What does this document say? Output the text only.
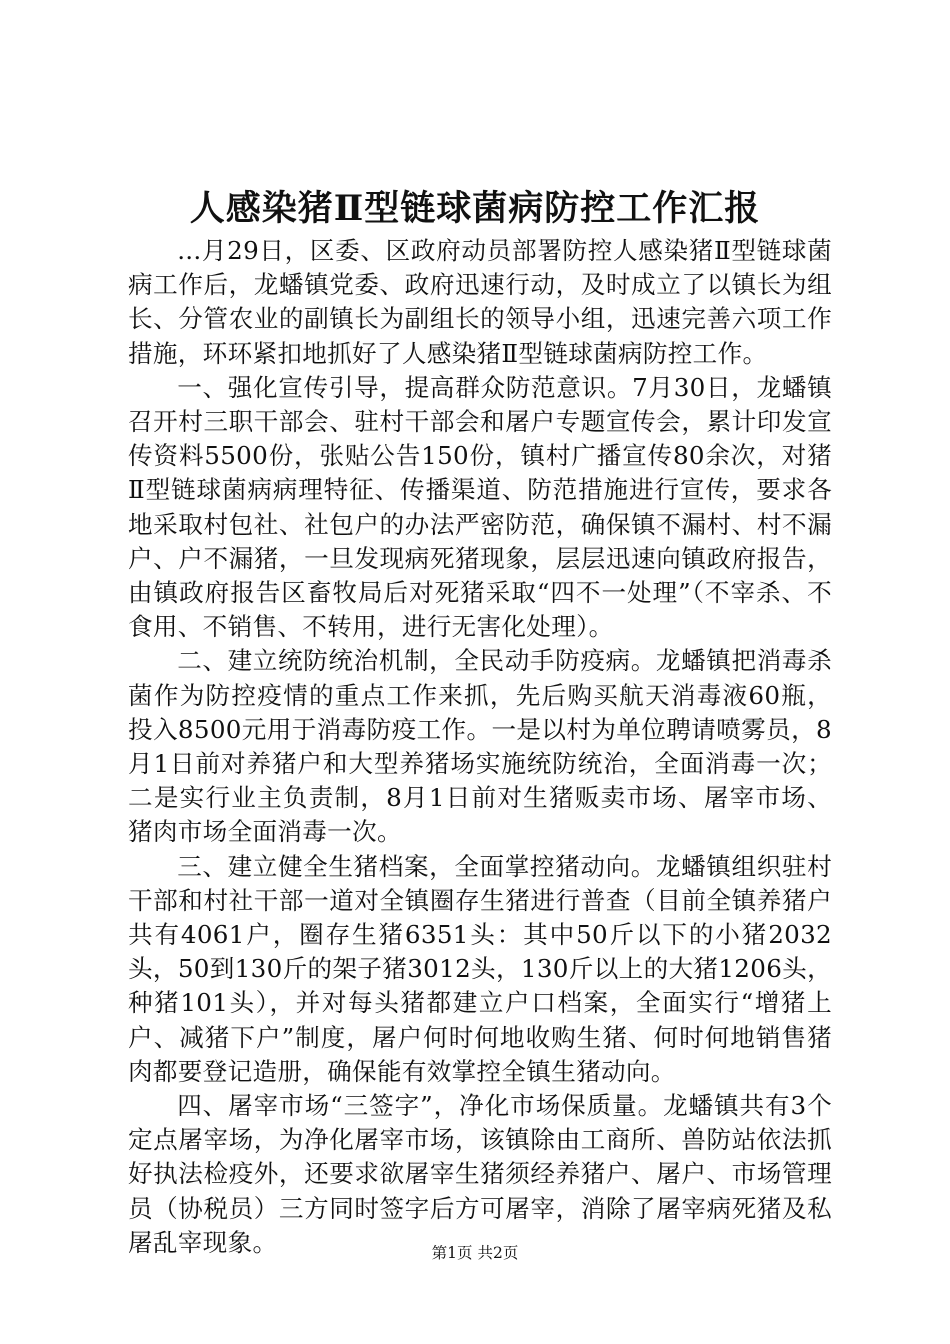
人感染猪Ⅱ型链球菌病防控工作汇报

...月29日，区委、区政府动员部署防控人感染猪Ⅱ型链球菌病工作后，龙蟠镇党委、政府迅速行动，及时成立了以镇长为组长、分管农业的副镇长为副组长的领导小组，迅速完善六项工作措施，环环紧扣地抓好了人感染猪Ⅱ型链球菌病防控工作。

一、强化宣传引导，提高群众防范意识。7月30日，龙蟠镇召开村三职干部会、驻村干部会和屠户专题宣传会，累计印发宣传资料5500份，张贴公告150份，镇村广播宣传80余次，对猪Ⅱ型链球菌病病理特征、传播渠道、防范措施进行宣传，要求各地采取村包社、社包户的办法严密防范，确保镇不漏村、村不漏户、户不漏猪，一旦发现病死猪现象，层层迅速向镇政府报告，由镇政府报告区畜牧局后对死猪采取“四不一处理”（不宰杀、不食用、不销售、不转用，进行无害化处理）。

二、建立统防统治机制，全民动手防疫病。龙蟠镇把消毒杀菌作为防控疫情的重点工作来抓，先后购买航天消毒液60瓶，投入8500元用于消毒防疫工作。一是以村为单位聘请喷雾员，8月1日前对养猪户和大型养猪场实施统防统治，全面消毒一次；二是实行业主负责制，8月1日前对生猪贩卖市场、屠宰市场、猪肉市场全面消毒一次。

三、建立健全生猪档案，全面掌控猪动向。龙蟠镇组织驻村干部和村社干部一道对全镇圈存生猪进行普查（目前全镇养猪户共有4061户，圈存生猪6351头：其中50斤以下的小猪2032头，50到130斤的架子猪3012头，130斤以上的大猪1206头，种猪101头），并对每头猪都建立户口档案，全面实行“增猪上户、减猪下户”制度，屠户何时何地收购生猪、何时何地销售猪肉都要登记造册，确保能有效掌控全镇生猪动向。

四、屠宰市场“三签字”，净化市场保质量。龙蟠镇共有3个定点屠宰场，为净化屠宰市场，该镇除由工商所、兽防站依法抓好执法检疫外，还要求欲屠宰生猪须经养猪户、屠户、市场管理员（协税员）三方同时签字后方可屠宰，消除了屠宰病死猪及私屠乱宰现象。	第1页 共2页
